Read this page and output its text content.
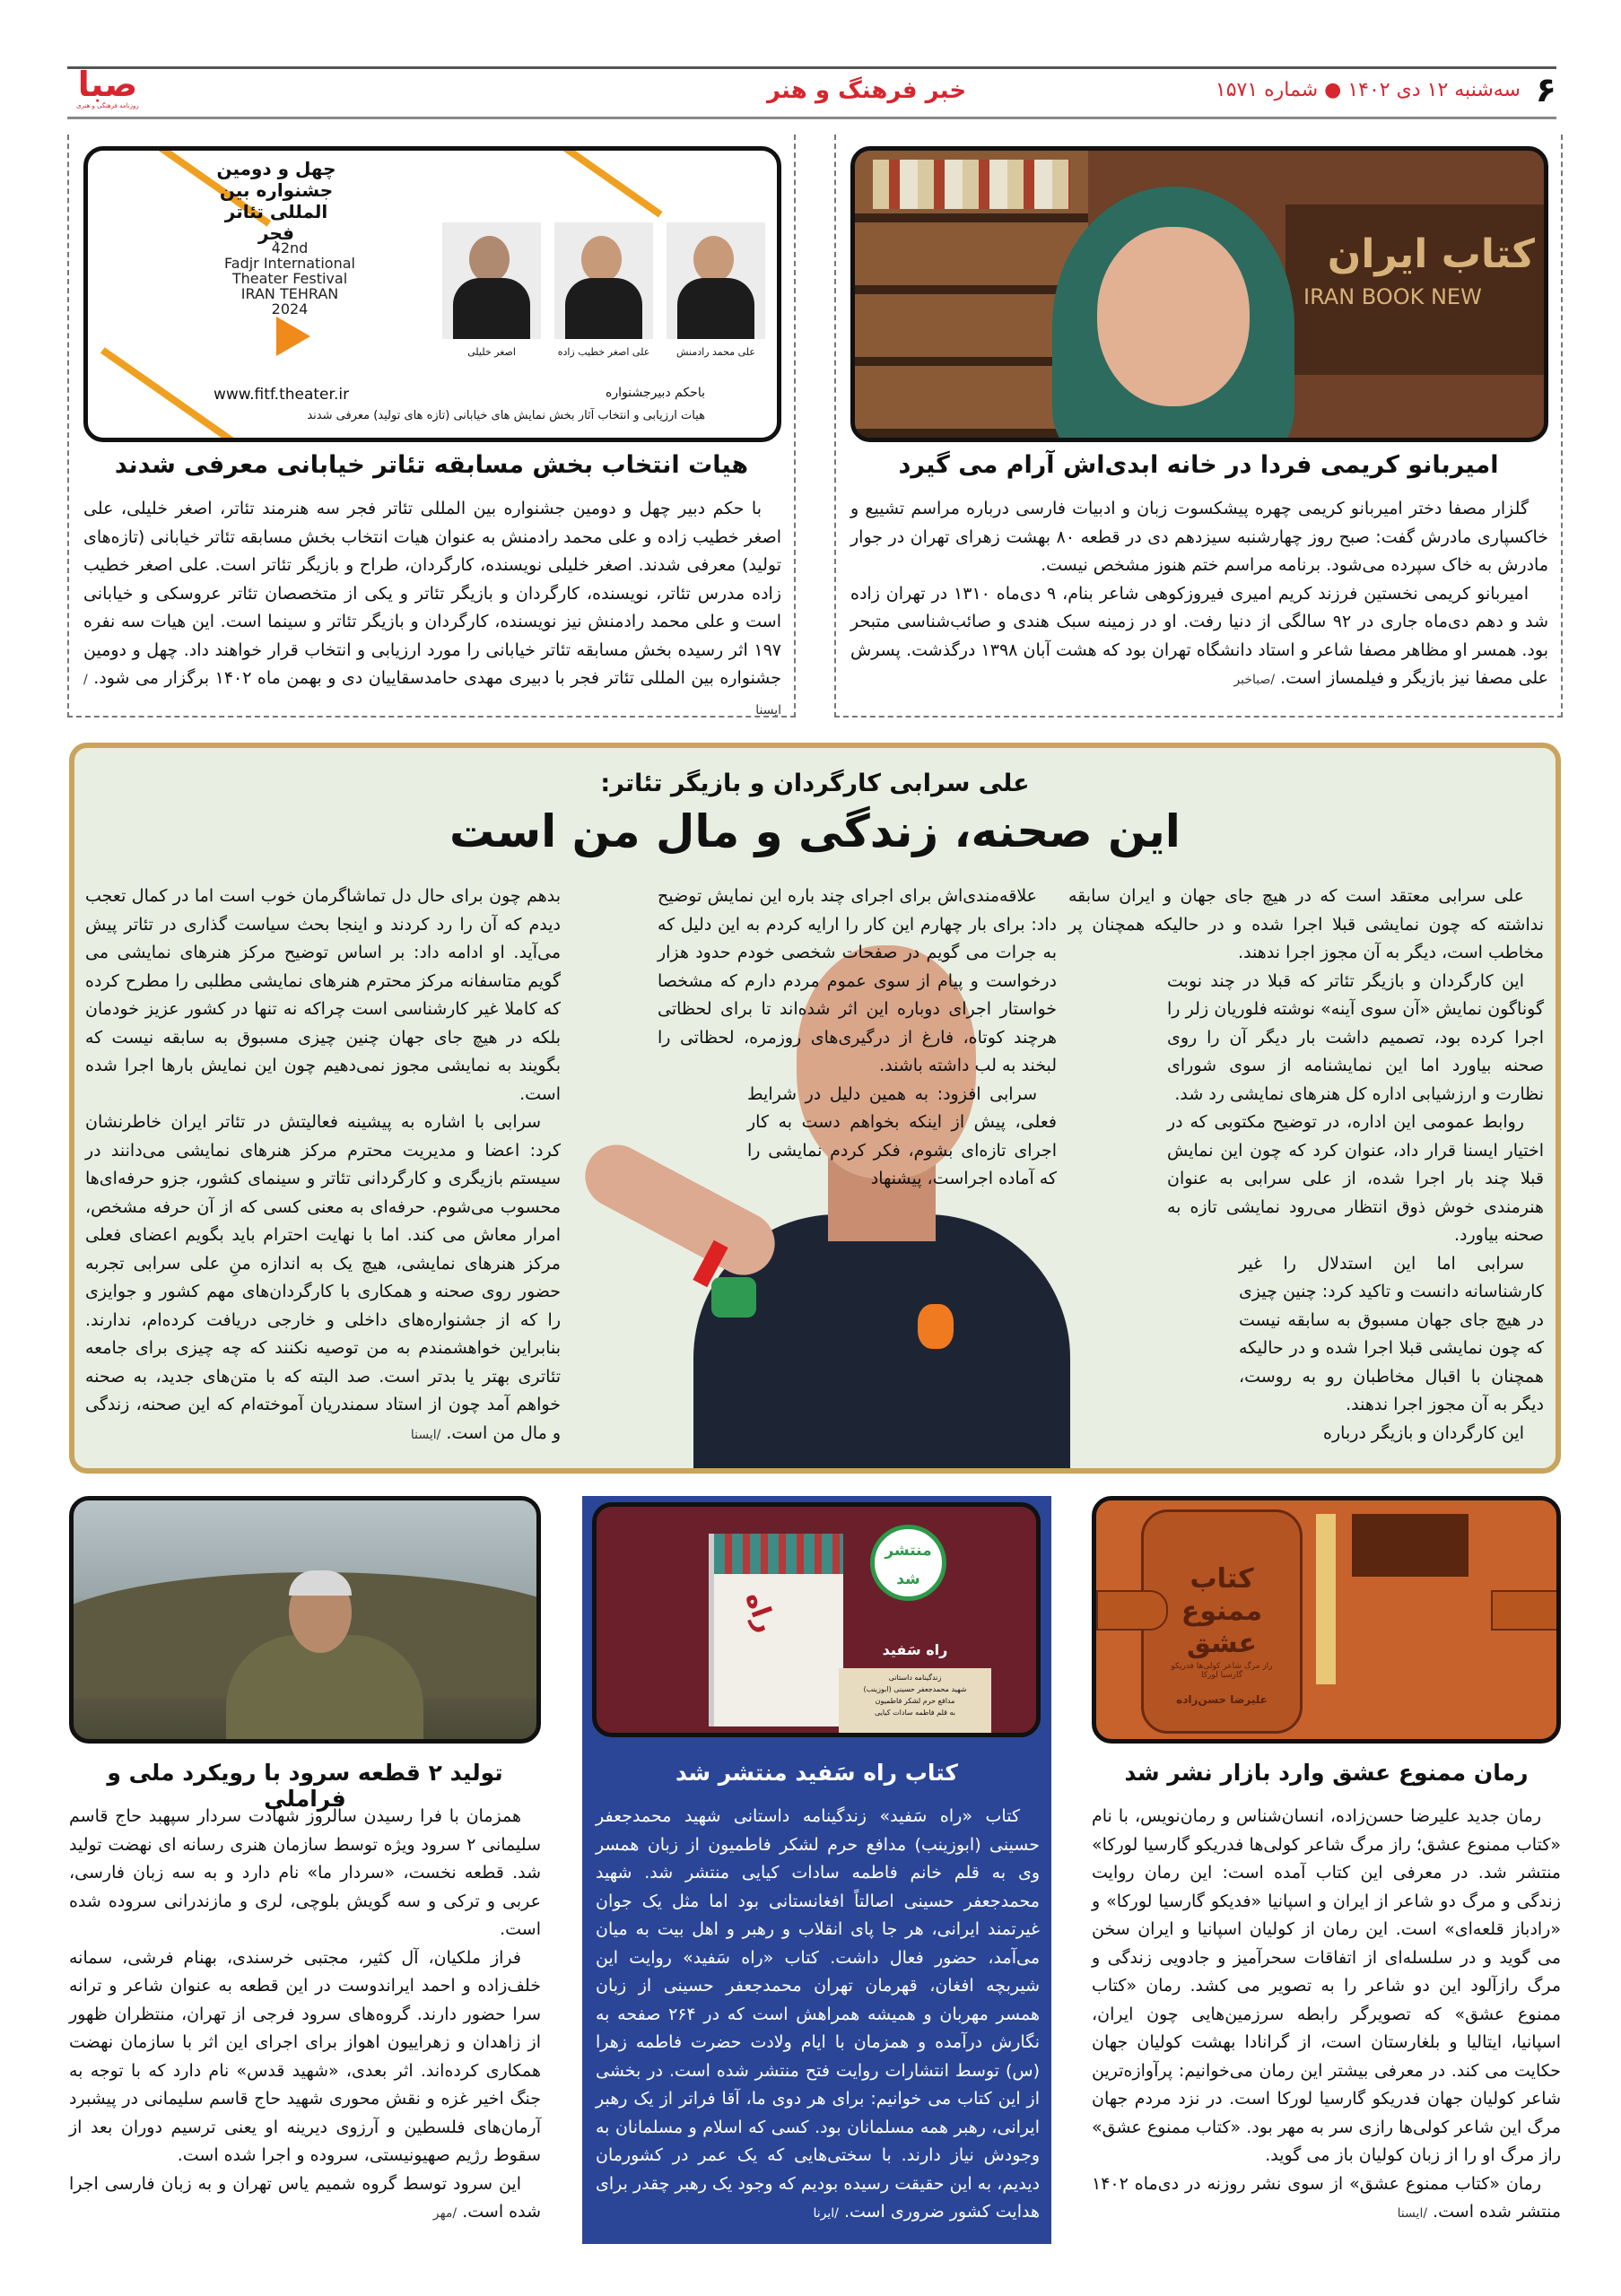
۶
سه‌شنبه ۱۲ دی ۱۴۰۲ ● شماره ۱۵۷۱
خبر فرهنگ و هنر
صبا
روزنامه فرهنگی و هنری
کتاب ایران
IRAN BOOK NEW
امیربانو کریمی فردا در خانه ابدی‌اش آرام می گیرد

گلزار مصفا دختر امیربانو کریمی چهره پیشکسوت زبان و ادبیات فارسی درباره مراسم تشییع و خاکسپاری مادرش گفت: صبح روز چهارشنبه سیزدهم دی در قطعه ۸۰ بهشت زهرای تهران در جوار مادرش به خاک سپرده می‌شود. برنامه مراسم ختم هنوز مشخص نیست.

امیربانو کریمی نخستین فرزند کریم امیری فیروزکوهی شاعر بنام، ۹ دی‌ماه ۱۳۱۰ در تهران زاده شد و دهم دی‌ماه جاری در ۹۲ سالگی از دنیا رفت. او در زمینه سبک هندی و صائب‌شناسی متبحر بود. همسر او مظاهر مصفا شاعر و استاد دانشگاه تهران بود که هشت آبان ۱۳۹۸ درگذشت. پسرش علی مصفا نیز بازیگر و فیلمساز است. /صباخبر

چهل و دومین جشنواره بین المللی تئاتر فجر
42nd
Fadjr International
Theater Festival
IRAN TEHRAN
2024
علی محمد رادمنش
علی اصغر خطیب زاده
اصغر خلیلی
www.fitf.theater.ir	باحکم دبیرجشنواره
هیات ارزیابی و انتخاب آثار بخش نمایش های خیابانی (تازه های تولید) معرفی شدند
هیات انتخاب بخش مسابقه تئاتر خیابانی معرفی شدند

با حکم دبیر چهل و دومین جشنواره بین المللی تئاتر فجر سه هنرمند تئاتر، اصغر خلیلی، علی اصغر خطیب زاده و علی محمد رادمنش به عنوان هیات انتخاب بخش مسابقه تئاتر خیابانی (تازه‌های تولید) معرفی شدند. اصغر خلیلی نویسنده، کارگردان، طراح و بازیگر تئاتر است. علی اصغر خطیب زاده مدرس تئاتر، نویسنده، کارگردان و بازیگر تئاتر و یکی از متخصصان تئاتر عروسکی و خیابانی است و علی محمد رادمنش نیز نویسنده، کارگردان و بازیگر تئاتر و سینما است. این هیات سه نفره ۱۹۷ اثر رسیده بخش مسابقه تئاتر خیابانی را مورد ارزیابی و انتخاب قرار خواهند داد. چهل و دومین جشنواره بین المللی تئاتر فجر با دبیری مهدی حامدسقاییان دی و بهمن ماه ۱۴۰۲ برگزار می شود. /ایسنا

علی سرابی کارگردان و بازیگر تئاتر:
این صحنه، زندگی و مال من است

علی سرابی معتقد است که در هیچ جای جهان و ایران سابقه نداشته که چون نمایشی قبلا اجرا شده و در حالیکه همچنان پر مخاطب است، دیگر به آن مجوز اجرا ندهند.

این کارگردان و بازیگر تئاتر که قبلا در چند نوبت گوناگون نمایش «آن سوی آینه» نوشته فلوریان زلر را اجرا کرده بود، تصمیم داشت بار دیگر آن را روی صحنه بیاورد اما این نمایشنامه از سوی شورای نظارت و ارزشیابی اداره کل هنرهای نمایشی رد شد.

روابط عمومی این اداره، در توضیح مکتوبی که در اختیار ایسنا قرار داد، عنوان کرد که چون این نمایش قبلا چند بار اجرا شده، از علی سرابی به عنوان هنرمندی خوش ذوق انتظار می‌رود نمایشی تازه به صحنه بیاورد.

سرابی اما این استدلال را غیر کارشناسانه دانست و تاکید کرد: چنین چیزی در هیچ جای جهان مسبوق به سابقه نیست که چون نمایشی قبلا اجرا شده و در حالیکه همچنان با اقبال مخاطبان رو به روست، دیگر به آن مجوز اجرا ندهند.

این کارگردان و بازیگر درباره

علاقه‌مندی‌اش برای اجرای چند باره این نمایش توضیح داد: برای بار چهارم این کار را ارایه کردم به این دلیل که به جرات می گویم در صفحات شخصی خودم حدود هزار درخواست و پیام از سوی عموم مردم دارم که مشخصا خواستار اجرای دوباره این اثر شده‌اند تا برای لحظاتی هرچند کوتاه، فارغ از درگیری‌های روزمره، لحظاتی را لبخند به لب داشته باشند.

سرابی افزود: به همین دلیل در شرایط فعلی، پیش از اینکه بخواهم دست به کار اجرای تازه‌ای بشوم، فکر کردم نمایشی را که آماده اجراست، پیشنهاد

بدهم چون برای حال دل تماشاگرمان خوب است اما در کمال تعجب دیدم که آن را رد کردند و اینجا بحث سیاست گذاری در تئاتر پیش می‌آید. او ادامه داد: بر اساس توضیح مرکز هنرهای نمایشی می گویم متاسفانه مرکز محترم هنرهای نمایشی مطلبی را مطرح کرده که کاملا غیر کارشناسی است چراکه نه تنها در کشور عزیز خودمان بلکه در هیچ جای جهان چنین چیزی مسبوق به سابقه نیست که بگویند به نمایشی مجوز نمی‌دهیم چون این نمایش بارها اجرا شده است.

سرابی با اشاره به پیشینه فعالیتش در تئاتر ایران خاطرنشان کرد: اعضا و مدیریت محترم مرکز هنرهای نمایشی می‌دانند در سیستم بازیگری و کارگردانی تئاتر و سینمای کشور، جزو حرفه‌ای‌ها محسوب می‌شوم. حرفه‌ای به معنی کسی که از آن حرفه مشخص، امرار معاش می کند. اما با نهایت احترام باید بگویم اعضای فعلی مرکز هنرهای نمایشی، هیچ یک به اندازه منِ علی سرابی تجربه حضور روی صحنه و همکاری با کارگردان‌های مهم کشور و جوایزی را که از جشنواره‌های داخلی و خارجی دریافت کرده‌ام، ندارند. بنابراین خواهشمندم به من توصیه نکنند که چه چیزی برای جامعه تئاتری بهتر یا بدتر است. صد البته که با متن‌های جدید، به صحنه خواهم آمد چون از استاد سمندریان آموخته‌ام که این صحنه، زندگی و مال من است. /ایسنا

کتاب ممنوع عشق
راز مرگ شاعر کولی‌ها فدریکو گارسیا لورکا
علیرضا حسن‌زاده
رمان ممنوع عشق وارد بازار نشر شد

رمان جدید علیرضا حسن‌زاده، انسان‌شناس و رمان‌نویس، با نام «کتاب ممنوع عشق؛ راز مرگ شاعر کولی‌ها فدریکو گارسیا لورکا» منتشر شد. در معرفی این کتاب آمده است: این رمان روایت زندگی و مرگ دو شاعر از ایران و اسپانیا «فدیکو گارسیا لورکا» و «رادباز قلعه‌ای» است. این رمان از کولیان اسپانیا و ایران سخن می گوید و در سلسله‌ای از اتفاقات سحرآمیز و جادویی زندگی و مرگ رازآلود این دو شاعر را به تصویر می کشد. رمان «کتاب ممنوع عشق» که تصویرگر رابطه سرزمین‌هایی چون ایران، اسپانیا، ایتالیا و بلغارستان است، از گرانادا بهشت کولیان جهان حکایت می کند. در معرفی بیشتر این رمان می‌خوانیم: پرآوازه‌ترین شاعر کولیان جهان فدریکو گارسیا لورکا است. در نزد مردم جهان مرگ این شاعر کولی‌ها رازی سر به مهر بود. «کتاب ممنوع عشق» راز مرگ او را از زبان کولیان باز می گوید.

رمان «کتاب ممنوع عشق» از سوی نشر روزنه در دی‌ماه ۱۴۰۲ منتشر شده است. /ایسنا

راه
منتشر شد
راه سَفید
زندگینامه داستانی
شهید محمدجعفر حسینی (ابوزینب)
مدافع حرم لشکر فاطمیون
به قلم فاطمه سادات کیایی
کتاب راه سَفید منتشر شد

کتاب «راه سَفید» زندگینامه داستانی شهید محمدجعفر حسینی (ابوزینب) مدافع حرم لشکر فاطمیون از زبان همسر وی به قلم خانم فاطمه سادات کیایی منتشر شد. شهید محمدجعفر حسینی اصالتاً افغانستانی بود اما مثل یک جوان غیرتمند ایرانی، هر جا پای انقلاب و رهبر و اهل بیت به میان می‌آمد، حضور فعال داشت. کتاب «راه سَفید» روایت این شیربچه افغان، قهرمان تهران محمدجعفر حسینی از زبان همسر مهربان و همیشه همراهش است که در ۲۶۴ صفحه به نگارش درآمده و همزمان با ایام ولادت حضرت فاطمه زهرا (س) توسط انتشارات روایت فتح منتشر شده است. در بخشی از این کتاب می خوانیم: برای هر دوی ما، آقا فراتر از یک رهبر ایرانی، رهبر همه مسلمانان بود. کسی که اسلام و مسلمانان به وجودش نیاز دارند. با سختی‌هایی که یک عمر در کشورمان دیدیم، به این حقیقت رسیده بودیم که وجود یک رهبر چقدر برای هدایت کشور ضروری است. /ایرنا

تولید ۲ قطعه سرود با رویکرد ملی و فراملی

همزمان با فرا رسیدن سالروز شهادت سردار سپهبد حاج قاسم سلیمانی ۲ سرود ویژه توسط سازمان هنری رسانه ای نهضت تولید شد. قطعه نخست، «سردار ما» نام دارد و به سه زبان فارسی، عربی و ترکی و سه گویش بلوچی، لری و مازندرانی سروده شده است.

فراز ملکیان، آل کثیر، مجتبی خرسندی، بهنام فرشی، سمانه خلف‌زاده و احمد ایراندوست در این قطعه به عنوان شاعر و ترانه سرا حضور دارند. گروه‌های سرود فرجی از تهران، منتظران ظهور از زاهدان و زهراییون اهواز برای اجرای این اثر با سازمان نهضت همکاری کرده‌اند. اثر بعدی، «شهید قدس» نام دارد که با توجه به جنگ اخیر غزه و نقش محوری شهید حاج قاسم سلیمانی در پیشبرد آرمان‌های فلسطین و آرزوی دیرینه او یعنی ترسیم دوران بعد از سقوط رژیم صهیونیستی، سروده و اجرا شده است.

این سرود توسط گروه شمیم یاس تهران و به زبان فارسی اجرا شده است. /مهر
